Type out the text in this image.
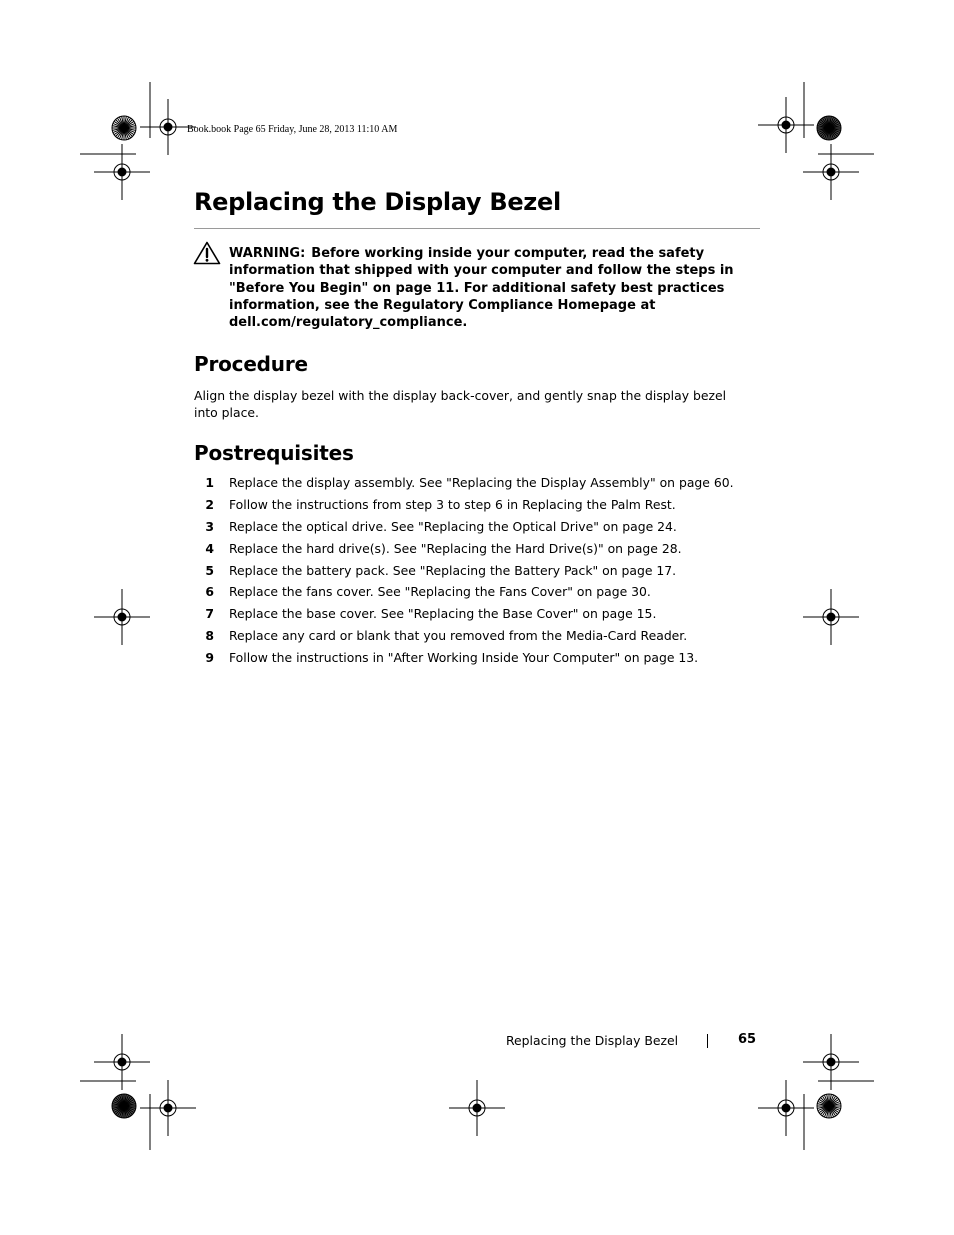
Book.book Page 65 Friday, June 28, 2013 11:10 AM
Replacing the Display Bezel
WARNING: Before working inside your computer, read the safety information that shipped with your computer and follow the steps in "Before You Begin" on page 11. For additional safety best practices information, see the Regulatory Compliance Homepage at dell.com/regulatory_compliance.
Procedure

Align the display bezel with the display back-cover, and gently snap the display bezel into place.

Postrequisites
1 Replace the display assembly. See "Replacing the Display Assembly" on page 60.
2 Follow the instructions from step 3 to step 6 in Replacing the Palm Rest.
3 Replace the optical drive. See "Replacing the Optical Drive" on page 24.
4 Replace the hard drive(s). See "Replacing the Hard Drive(s)" on page 28.
5 Replace the battery pack. See "Replacing the Battery Pack" on page 17.
6 Replace the fans cover. See "Replacing the Fans Cover" on page 30.
7 Replace the base cover. See "Replacing the Base Cover" on page 15.
8 Replace any card or blank that you removed from the Media-Card Reader.
9 Follow the instructions in "After Working Inside Your Computer" on page 13.
Replacing the Display Bezel	65
